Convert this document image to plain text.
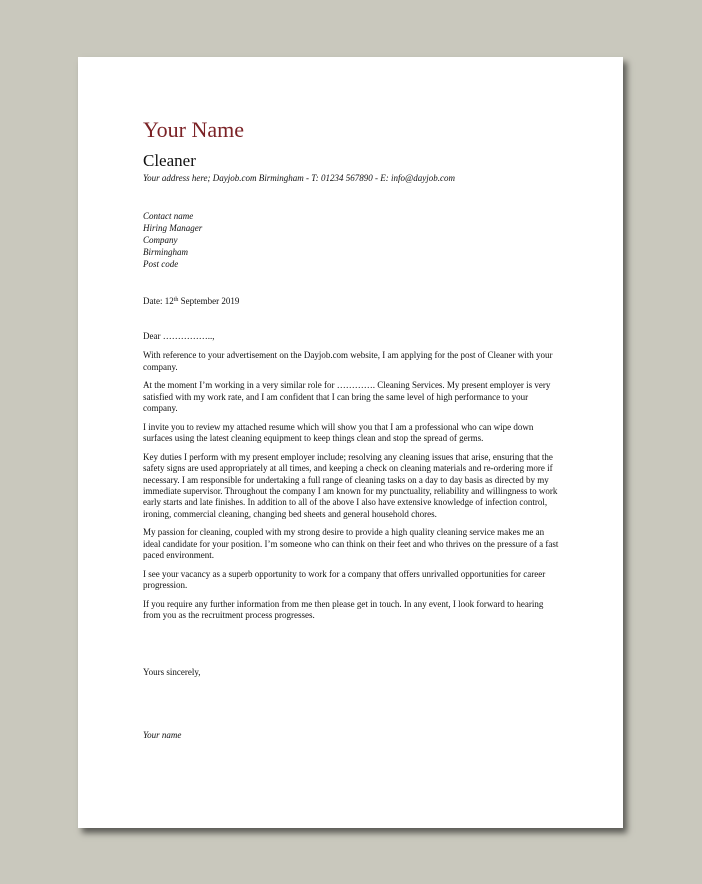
Your Name
Cleaner
Your address here; Dayjob.com Birmingham - T: 01234 567890 - E: info@dayjob.com
Contact name
Hiring Manager
Company
Birmingham
Post code
Date: 12th September 2019

Dear ……………..,

With reference to your advertisement on the Dayjob.com website, I am applying for the post of Cleaner with your company.

At the moment I’m working in a very similar role for …………. Cleaning Services. My present employer is very satisfied with my work rate, and I am confident that I can bring the same level of high performance to your company.

I invite you to review my attached resume which will show you that I am a professional who can wipe down surfaces using the latest cleaning equipment to keep things clean and stop the spread of germs.

Key duties I perform with my present employer include; resolving any cleaning issues that arise, ensuring that the safety signs are used appropriately at all times, and keeping a check on cleaning materials and re-ordering more if necessary. I am responsible for undertaking a full range of cleaning tasks on a day to day basis as directed by my immediate supervisor. Throughout the company I am known for my punctuality, reliability and willingness to work early starts and late finishes. In addition to all of the above I also have extensive knowledge of infection control, ironing, commercial cleaning, changing bed sheets and general household chores.

My passion for cleaning, coupled with my strong desire to provide a high quality cleaning service makes me an ideal candidate for your position. I’m someone who can think on their feet and who thrives on the pressure of a fast paced environment.

I see your vacancy as a superb opportunity to work for a company that offers unrivalled opportunities for career progression.

If you require any further information from me then please get in touch. In any event, I look forward to hearing from you as the recruitment process progresses.

Yours sincerely,
Your name
